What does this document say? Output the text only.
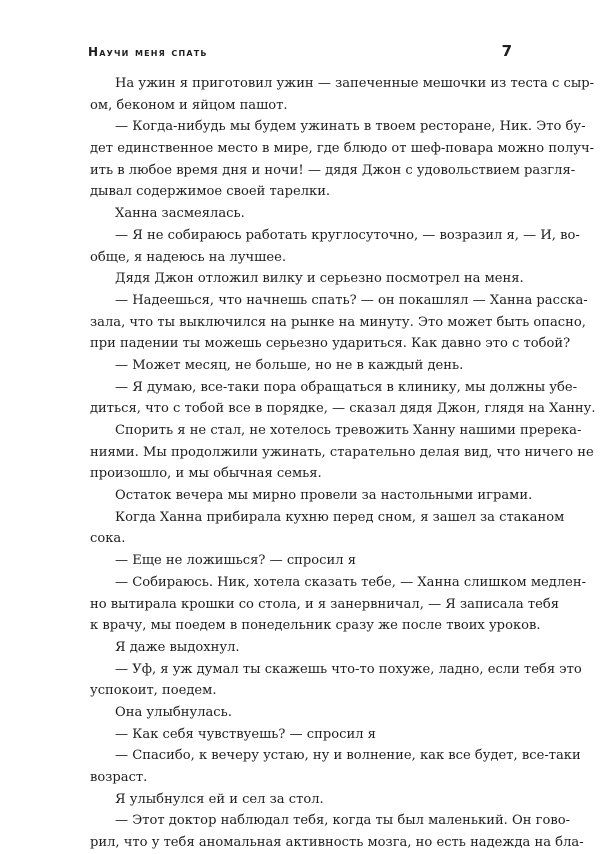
Научи меня спать	7
На ужин я приготовил ужин — запеченные мешочки из теста с сыр-
ом, беконом и яйцом пашот.
— Когда-нибудь мы будем ужинать в твоем ресторане, Ник. Это бу-
дет единственное место в мире, где блюдо от шеф-повара можно получ-
ить в любое время дня и ночи! — дядя Джон с удовольствием разгля-
дывал содержимое своей тарелки.
Ханна засмеялась.
— Я не собираюсь работать круглосуточно, — возразил я, — И, во-
обще, я надеюсь на лучшее.
Дядя Джон отложил вилку и серьезно посмотрел на меня.
— Надеешься, что начнешь спать? — он покашлял — Ханна расска-
зала, что ты выключился на рынке на минуту. Это может быть опасно,
при падении ты можешь серьезно удариться. Как давно это с тобой?
— Может месяц, не больше, но не в каждый день.
— Я думаю, все-таки пора обращаться в клинику, мы должны убе-
диться, что с тобой все в порядке, — сказал дядя Джон, глядя на Ханну.
Спорить я не стал, не хотелось тревожить Ханну нашими пререка-
ниями. Мы продолжили ужинать, старательно делая вид, что ничего не
произошло, и мы обычная семья.
Остаток вечера мы мирно провели за настольными играми.
Когда Ханна прибирала кухню перед сном, я зашел за стаканом
сока.
— Еще не ложишься? — спросил я
— Собираюсь. Ник, хотела сказать тебе, — Ханна слишком медлен-
но вытирала крошки со стола, и я занервничал, — Я записала тебя
к врачу, мы поедем в понедельник сразу же после твоих уроков.
Я даже выдохнул.
— Уф, я уж думал ты скажешь что-то похуже, ладно, если тебя это
успокоит, поедем.
Она улыбнулась.
— Как себя чувствуешь? — спросил я
— Спасибо, к вечеру устаю, ну и волнение, как все будет, все-таки
возраст.
Я улыбнулся ей и сел за стол.
— Этот доктор наблюдал тебя, когда ты был маленький. Он гово-
рил, что у тебя аномальная активность мозга, но есть надежда на бла-
